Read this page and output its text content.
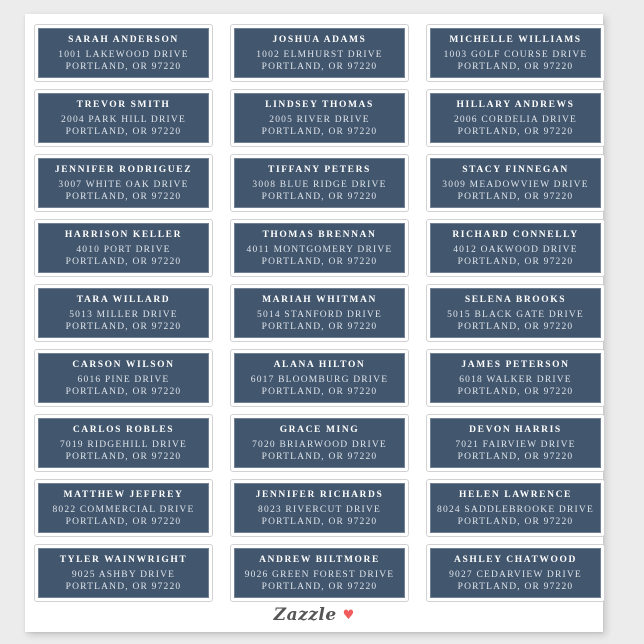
SARAH ANDERSON
1001 LAKEWOOD DRIVE
PORTLAND, OR 97220
JOSHUA ADAMS
1002 ELMHURST DRIVE
PORTLAND, OR 97220
MICHELLE WILLIAMS
1003 GOLF COURSE DRIVE
PORTLAND, OR 97220
TREVOR SMITH
2004 PARK HILL DRIVE
PORTLAND, OR 97220
LINDSEY THOMAS
2005 RIVER DRIVE
PORTLAND, OR 97220
HILLARY ANDREWS
2006 CORDELIA DRIVE
PORTLAND, OR 97220
JENNIFER RODRIGUEZ
3007 WHITE OAK DRIVE
PORTLAND, OR 97220
TIFFANY PETERS
3008 BLUE RIDGE DRIVE
PORTLAND, OR 97220
STACY FINNEGAN
3009 MEADOWVIEW DRIVE
PORTLAND, OR 97220
HARRISON KELLER
4010 PORT DRIVE
PORTLAND, OR 97220
THOMAS BRENNAN
4011 MONTGOMERY DRIVE
PORTLAND, OR 97220
RICHARD CONNELLY
4012 OAKWOOD DRIVE
PORTLAND, OR 97220
TARA WILLARD
5013 MILLER DRIVE
PORTLAND, OR 97220
MARIAH WHITMAN
5014 STANFORD DRIVE
PORTLAND, OR 97220
SELENA BROOKS
5015 BLACK GATE DRIVE
PORTLAND, OR 97220
CARSON WILSON
6016 PINE DRIVE
PORTLAND, OR 97220
ALANA HILTON
6017 BLOOMBURG DRIVE
PORTLAND, OR 97220
JAMES PETERSON
6018 WALKER DRIVE
PORTLAND, OR 97220
CARLOS ROBLES
7019 RIDGEHILL DRIVE
PORTLAND, OR 97220
GRACE MING
7020 BRIARWOOD DRIVE
PORTLAND, OR 97220
DEVON HARRIS
7021 FAIRVIEW DRIVE
PORTLAND, OR 97220
MATTHEW JEFFREY
8022 COMMERCIAL DRIVE
PORTLAND, OR 97220
JENNIFER RICHARDS
8023 RIVERCUT DRIVE
PORTLAND, OR 97220
HELEN LAWRENCE
8024 SADDLEBROOKE DRIVE
PORTLAND, OR 97220
TYLER WAINWRIGHT
9025 ASHBY DRIVE
PORTLAND, OR 97220
ANDREW BILTMORE
9026 GREEN FOREST DRIVE
PORTLAND, OR 97220
ASHLEY CHATWOOD
9027 CEDARVIEW DRIVE
PORTLAND, OR 97220
Zazzle ♥
